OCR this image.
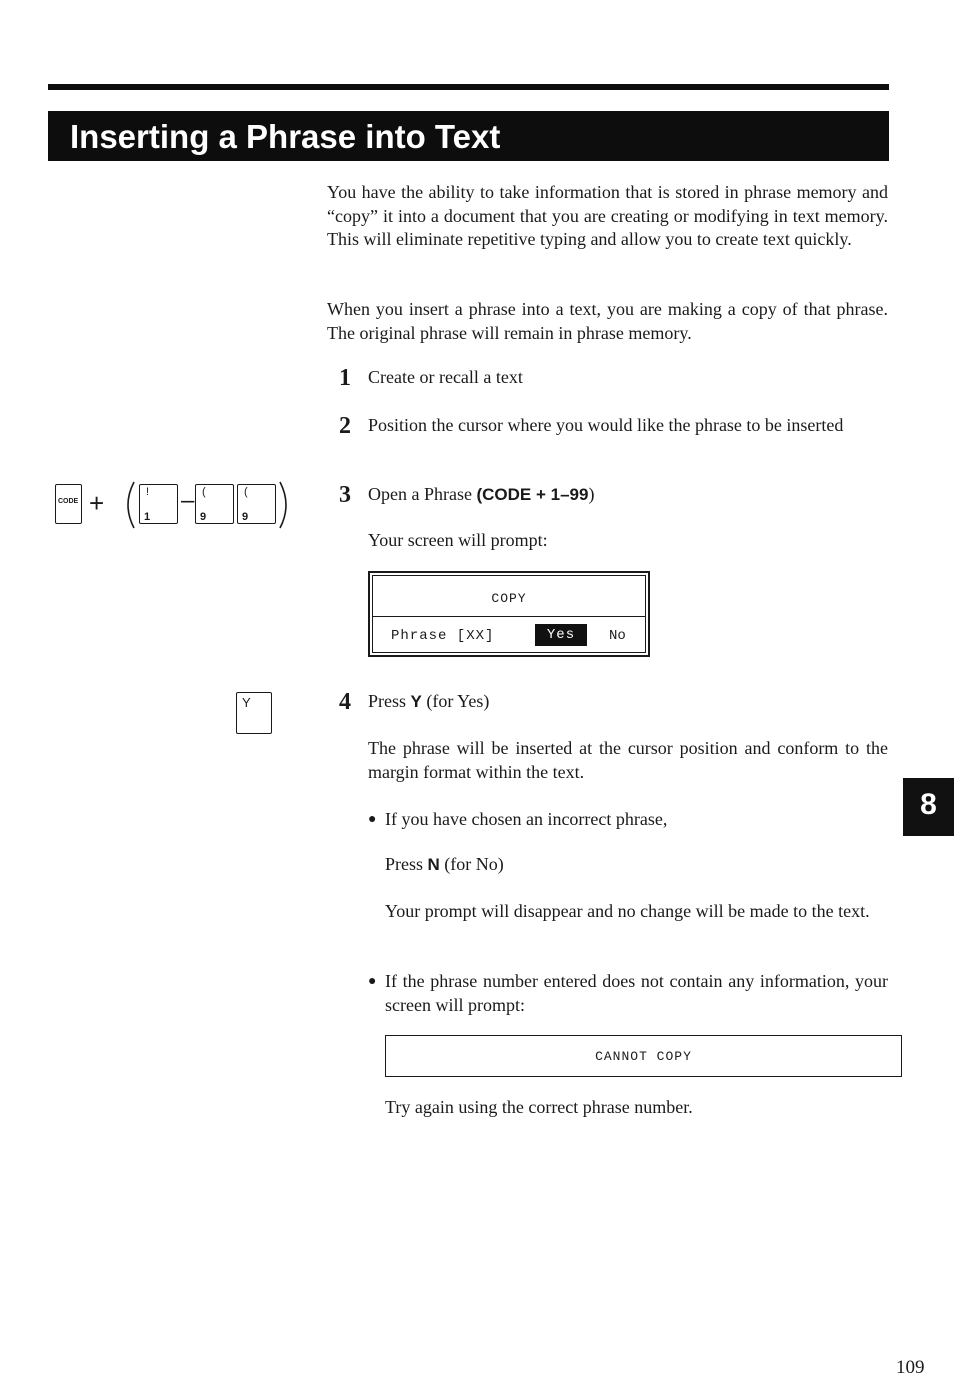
Inserting a Phrase into Text

You have the ability to take information that is stored in phrase memory and “copy” it into a document that you are creating or modifying in text memory. This will eliminate repetitive typing and allow you to create text quickly.

When you insert a phrase into a text, you are making a copy of that phrase. The original phrase will remain in phrase memory.

1 Create or recall a text

2 Position the cursor where you would like the phrase to be inserted

3 Open a Phrase (CODE + 1–99)

Your screen will prompt:

COPY
Phrase [XX]	Yes	No
4 Press Y (for Yes)

The phrase will be inserted at the cursor position and conform to the margin format within the text.

● If you have chosen an incorrect phrase,

Press N (for No)

Your prompt will disappear and no change will be made to the text.

● If the phrase number entered does not contain any information, your screen will prompt:

CANNOT COPY

Try again using the correct phrase number.

CODE +	!
1
– (
9
(
9
Y
8
109
